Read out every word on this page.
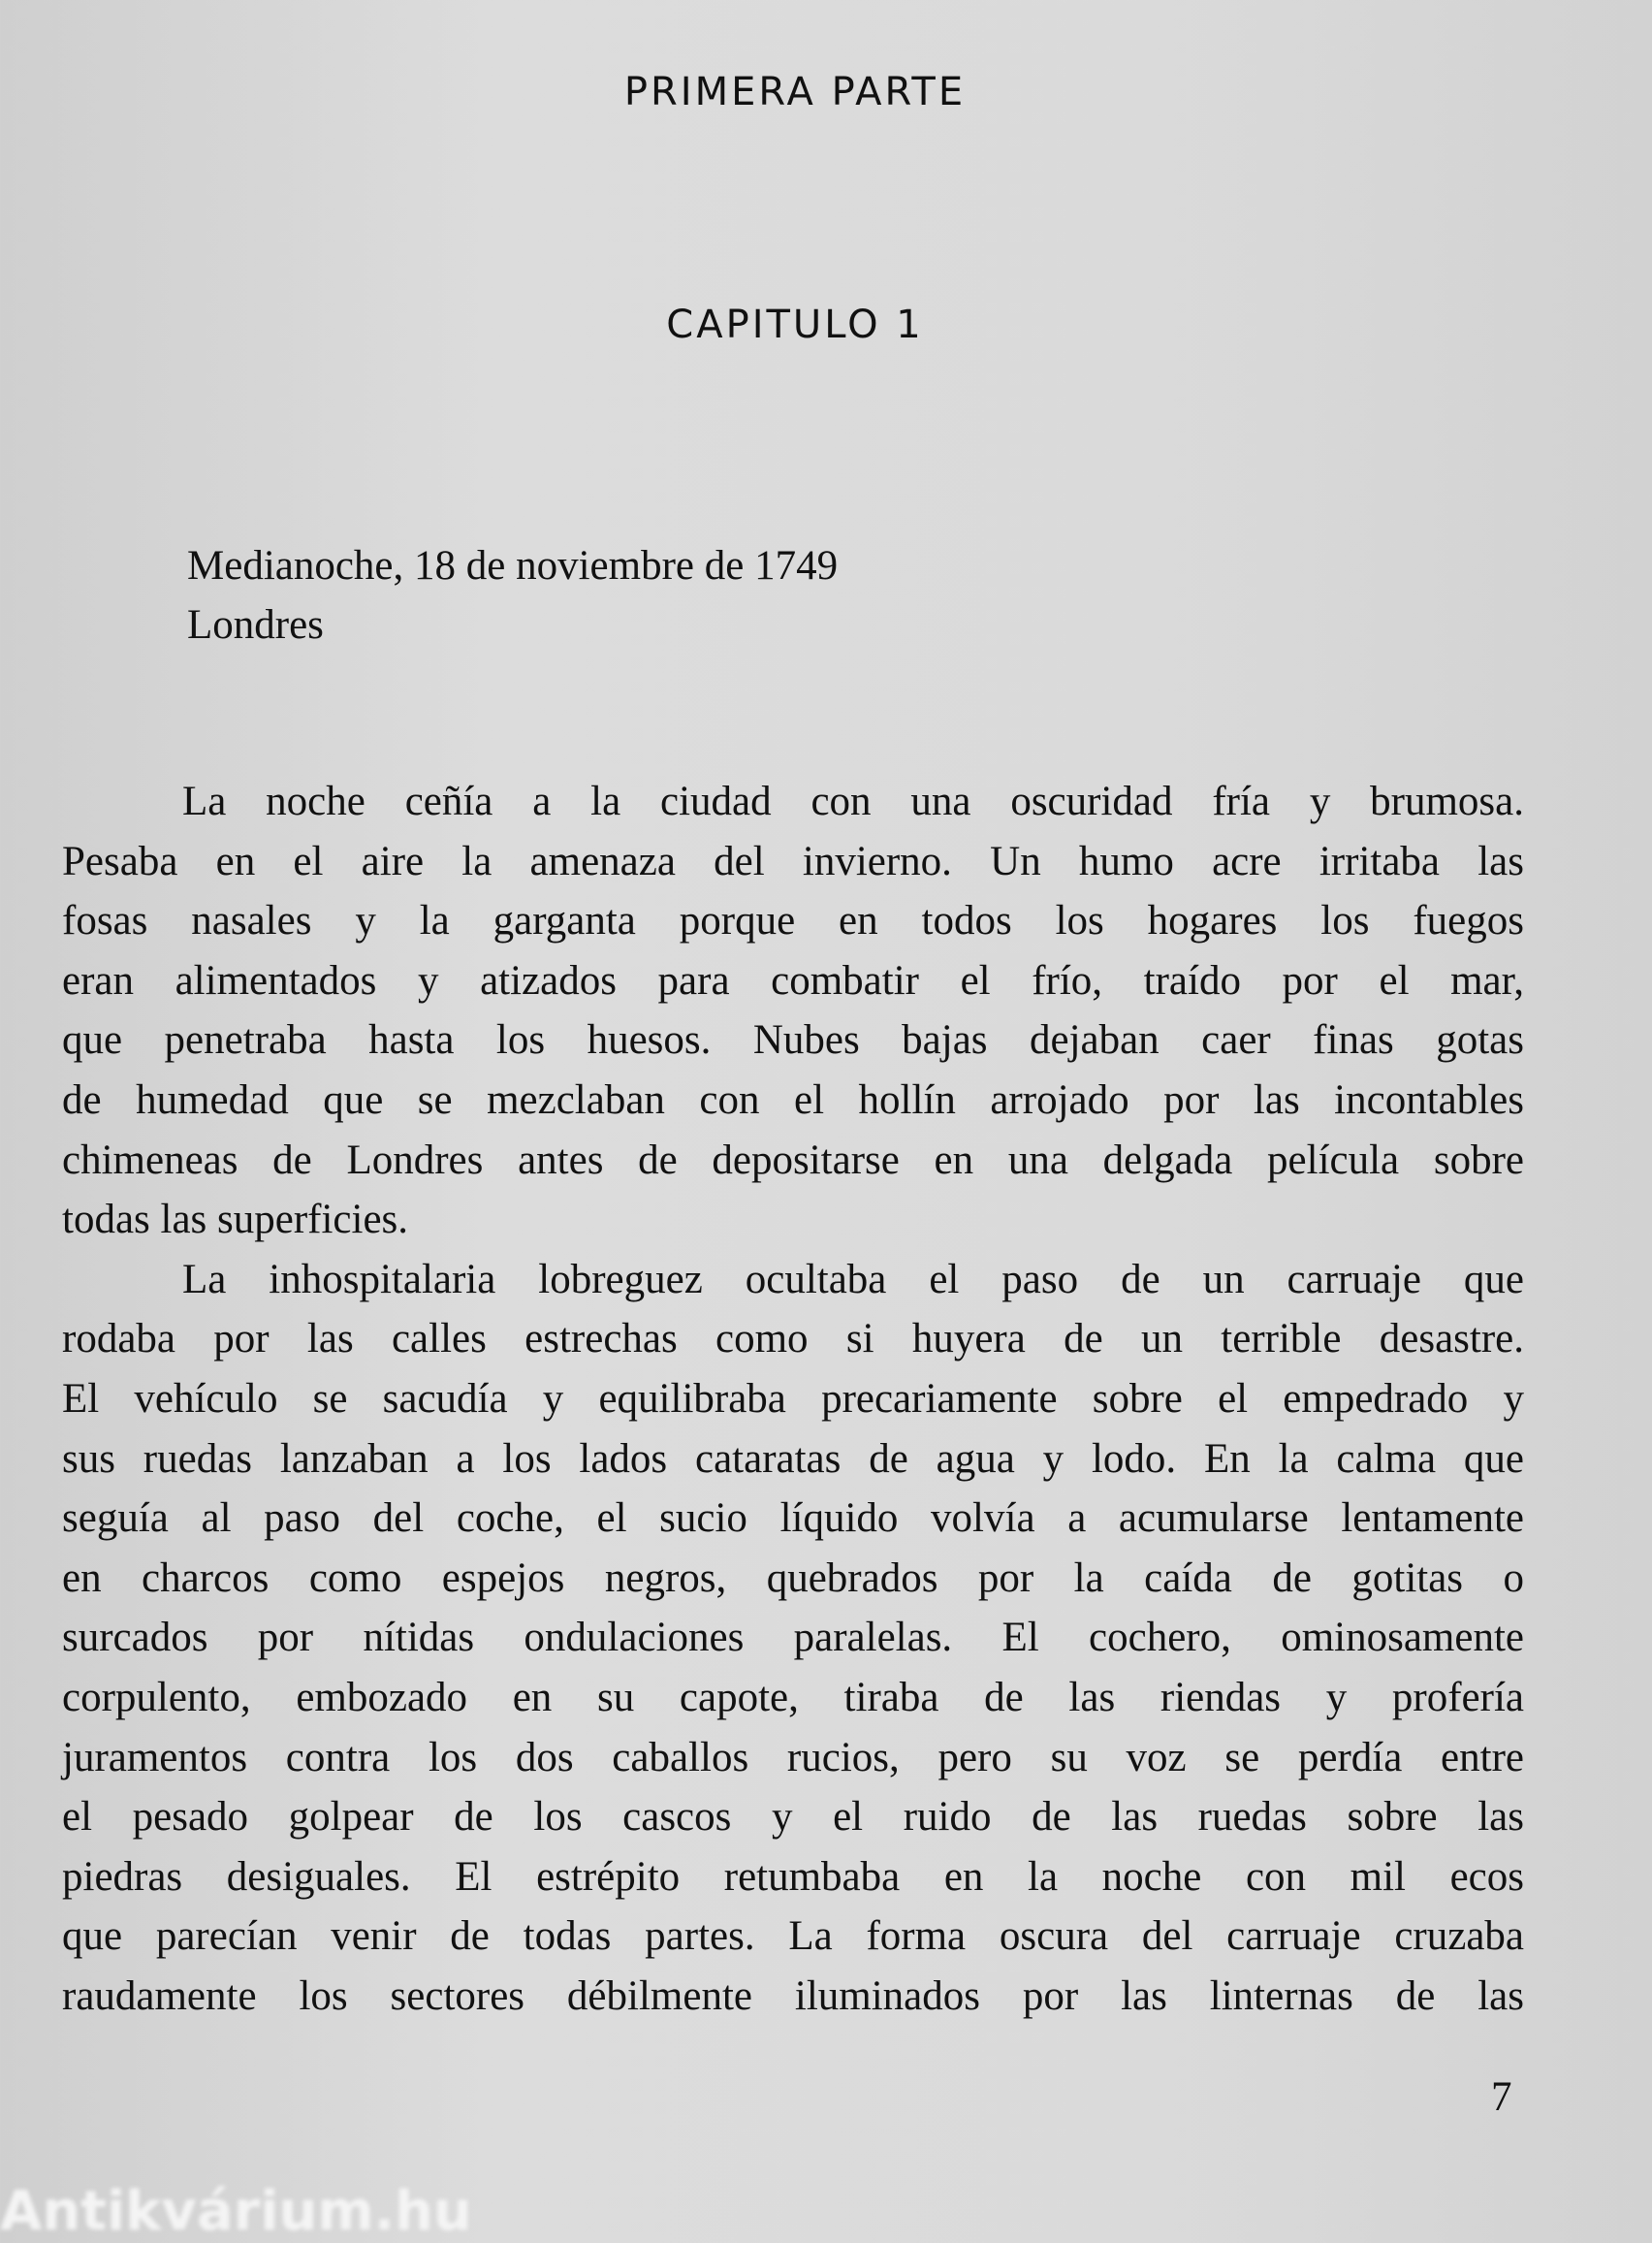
PRIMERA PARTE
CAPITULO 1
Medianoche, 18 de noviembre de 1749
Londres
La noche ceñía a la ciudad con una oscuridad fría y brumosa.
Pesaba en el aire la amenaza del invierno. Un humo acre irritaba las
fosas nasales y la garganta porque en todos los hogares los fuegos
eran alimentados y atizados para combatir el frío, traído por el mar,
que penetraba hasta los huesos. Nubes bajas dejaban caer finas gotas
de humedad que se mezclaban con el hollín arrojado por las incontables
chimeneas de Londres antes de depositarse en una delgada película sobre
todas las superficies.
La inhospitalaria lobreguez ocultaba el paso de un carruaje que
rodaba por las calles estrechas como si huyera de un terrible desastre.
El vehículo se sacudía y equilibraba precariamente sobre el empedrado y
sus ruedas lanzaban a los lados cataratas de agua y lodo. En la calma que
seguía al paso del coche, el sucio líquido volvía a acumularse lentamente
en charcos como espejos negros, quebrados por la caída de gotitas o
surcados por nítidas ondulaciones paralelas. El cochero, ominosamente
corpulento, embozado en su capote, tiraba de las riendas y profería
juramentos contra los dos caballos rucios, pero su voz se perdía entre
el pesado golpear de los cascos y el ruido de las ruedas sobre las
piedras desiguales. El estrépito retumbaba en la noche con mil ecos
que parecían venir de todas partes. La forma oscura del carruaje cruzaba
raudamente los sectores débilmente iluminados por las linternas de las
7
Antikvárium.hu
